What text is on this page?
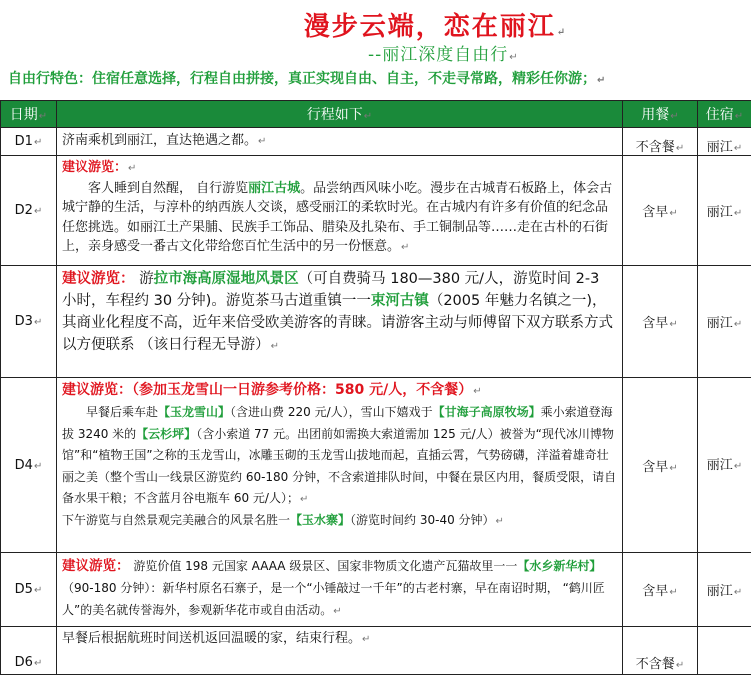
漫步云端，恋在丽江↵
--丽江深度自由行↵
自由行特色：住宿任意选择，行程自由拼接，真正实现自由、自主，不走寻常路，精彩任你游；↵
日期↵	行程如下↵	用餐↵	住宿↵
D1↵	济南乘机到丽江，直达艳遇之都。↵	不含餐↵	丽江↵
D2↵	建议游览：↵

客人睡到自然醒， 自行游览丽江古城。品尝纳西风味小吃。漫步在古城青石板路上，体会古城宁静的生活，与淳朴的纳西族人交谈，感受丽江的柔软时光。在古城内有许多有价值的纪念品任您挑选。如丽江土产果脯、民族手工饰品、腊染及扎染布、手工铜制品等……走在古朴的石街上，亲身感受一番古文化带给您百忙生活中的另一份惬意。↵	含早↵	丽江↵
D3↵	建议游览： 游拉市海高原湿地风景区（可自费骑马 180—380 元/人，游览时间 2-3 小时，车程约 30 分钟)。游览茶马古道重镇一一束河古镇（2005 年魅力名镇之一)，其商业化程度不高，近年来倍受欧美游客的青睐。请游客主动与师傅留下双方联系方式以方便联系 （该日行程无导游）↵	含早↵	丽江↵
D4↵	建议游览：（参加玉龙雪山一日游参考价格：580 元/人，不含餐）↵

早餐后乘车赴【玉龙雪山】（含进山费 220 元/人），雪山下嬉戏于【甘海子高原牧场】乘小索道登海拔 3240 米的【云杉坪】（含小索道 77 元。出团前如需换大索道需加 125 元/人）被誉为“现代冰川博物馆”和“植物王国”之称的玉龙雪山，冰雕玉砌的玉龙雪山拔地而起，直插云霄，气势磅礴，洋溢着雄奇壮丽之美（整个雪山一线景区游览约 60-180 分钟，不含索道排队时间，中餐在景区内用，餐质受限，请自备水果干粮；不含蓝月谷电瓶车 60 元/人）；↵

下午游览与自然景观完美融合的风景名胜一【玉水寨】（游览时间约 30-40 分钟）↵	含早↵	丽江↵
D5↵	建议游览： 游览价值 198 元国家 AAAA 级景区、国家非物质文化遗产瓦猫故里一一【水乡新华村】（90-180 分钟）：新华村原名石寨子，是一个“小锤敲过一千年”的古老村寨，早在南诏时期， “鹤川匠人”的美名就传誉海外，参观新华花市或自由活动。↵	含早↵	丽江↵
D6↵	早餐后根据航班时间送机返回温暖的家，结束行程。↵	不含餐↵	
